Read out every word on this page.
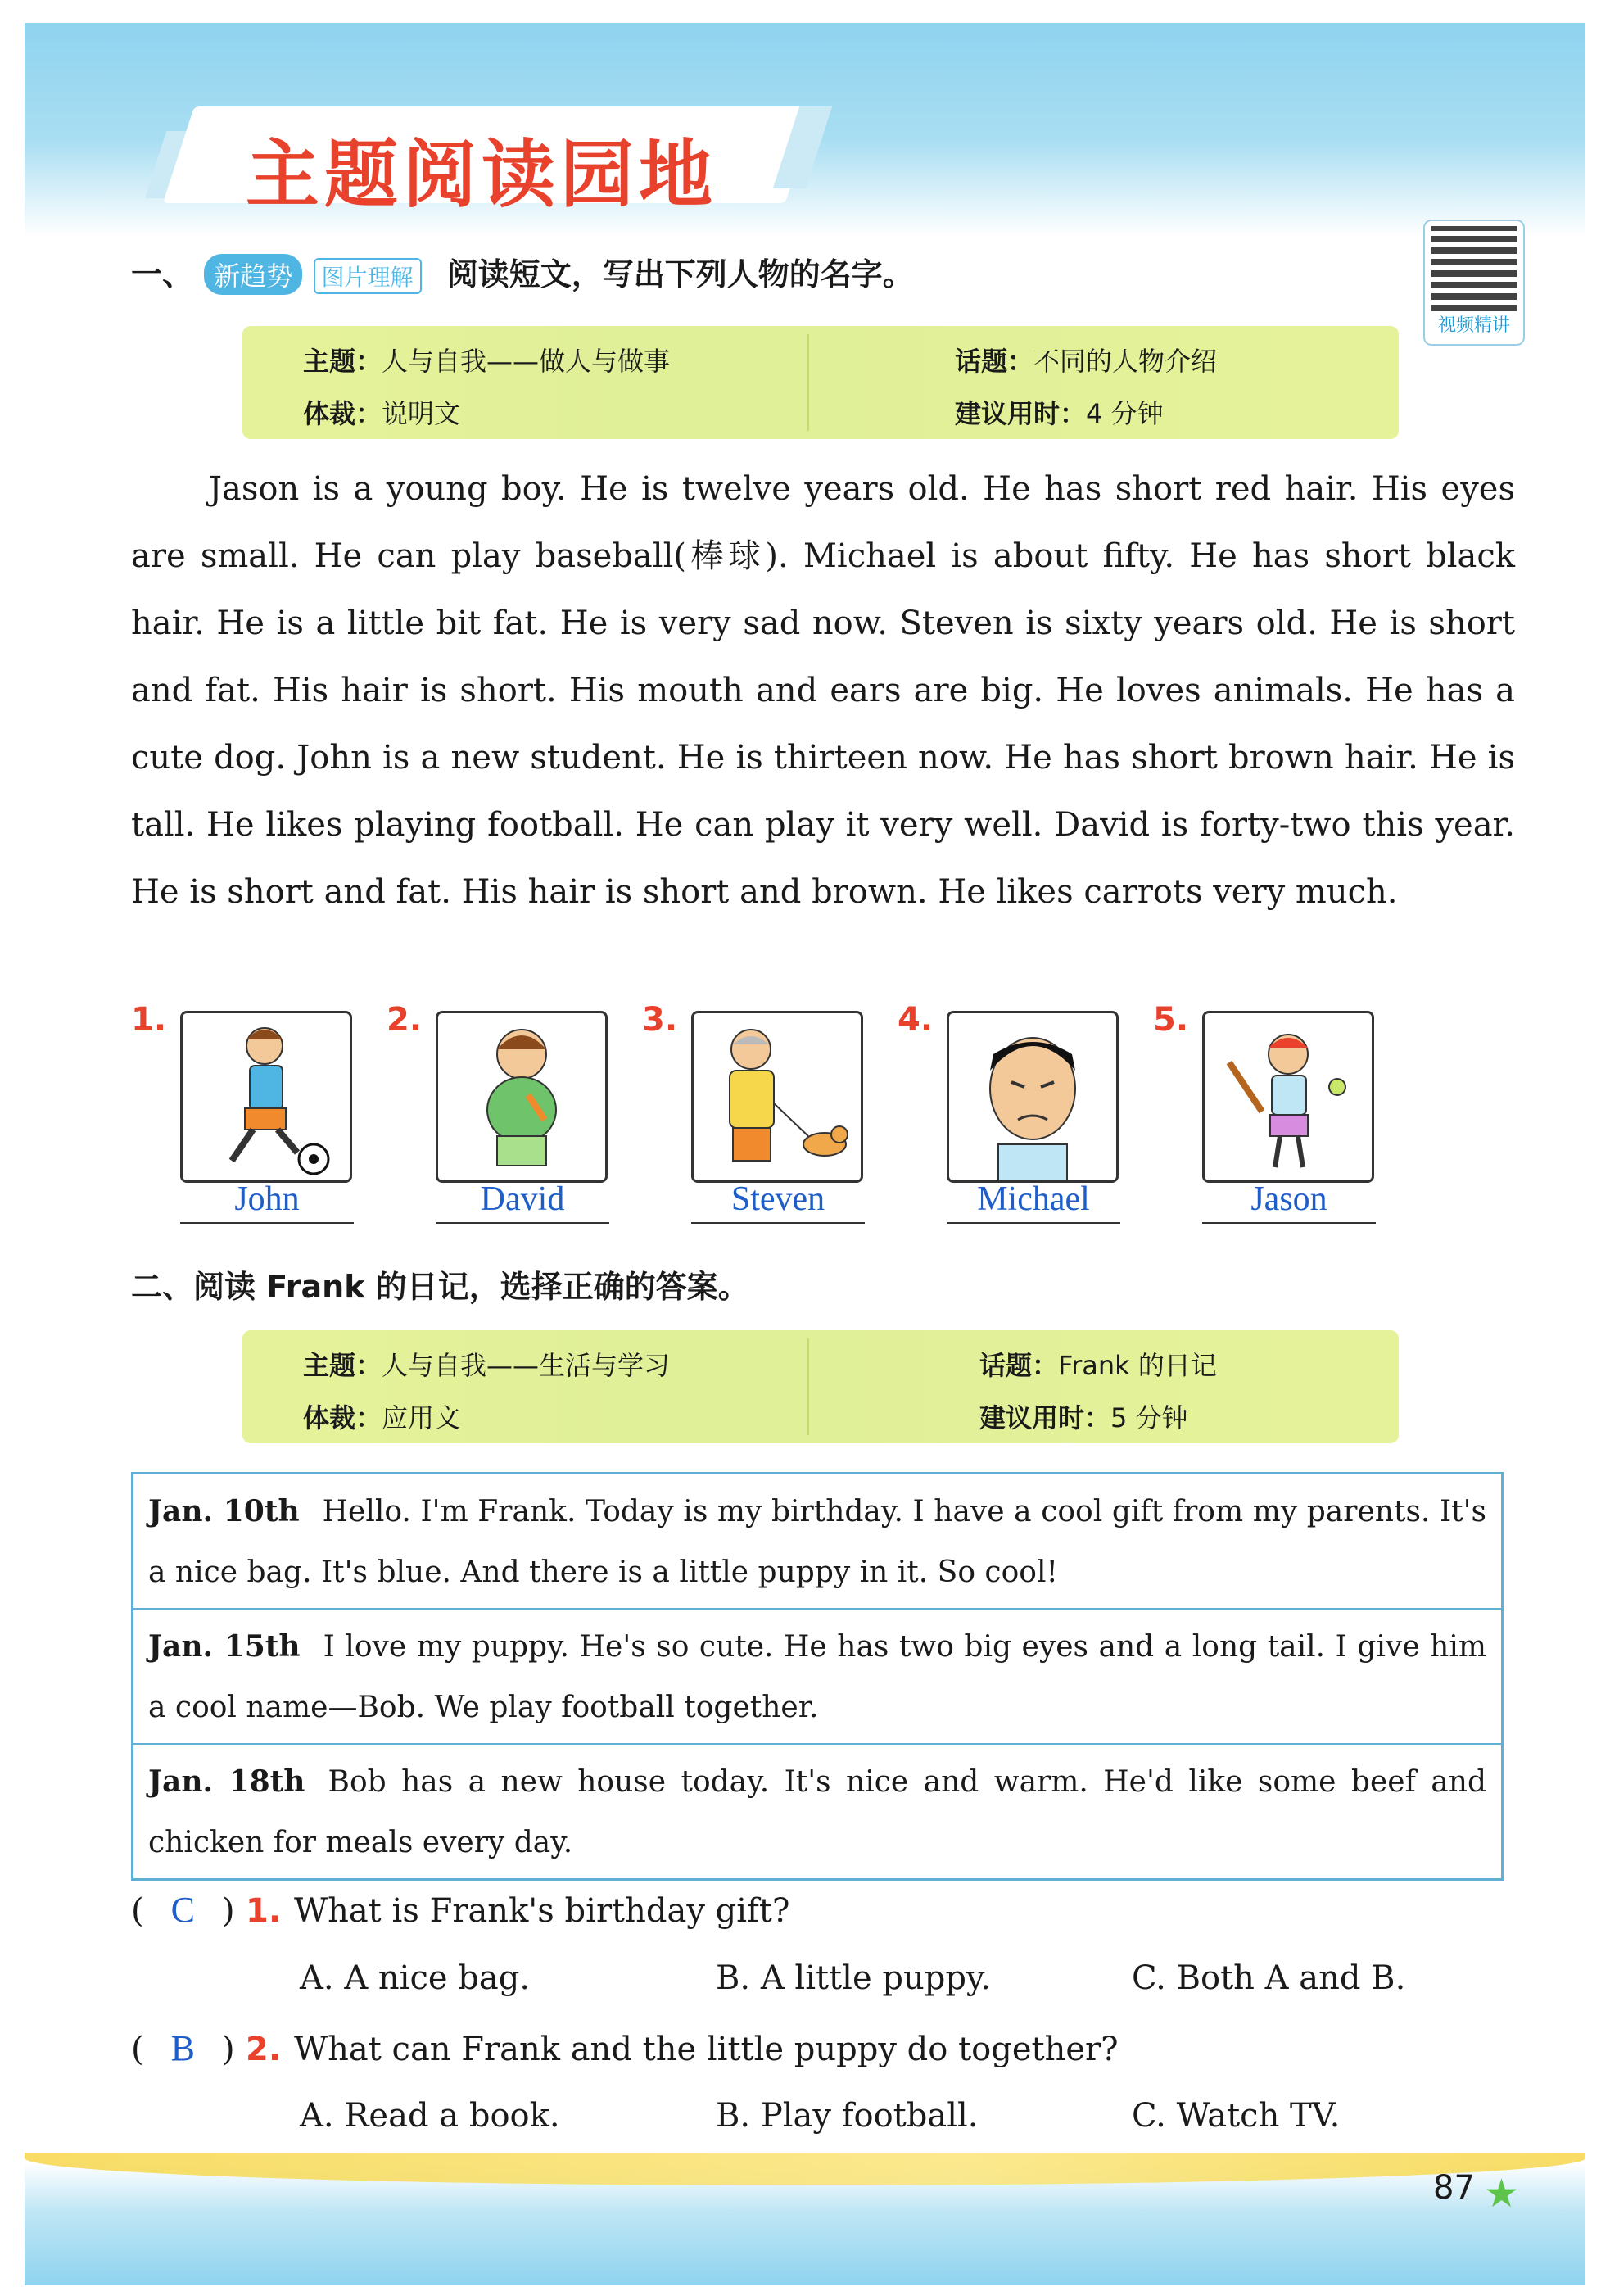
主题阅读园地
视频精讲
一、 新趋势 图片理解 阅读短文，写出下列人物的名字。
主题：人与自我——做人与做事	话题：不同的人物介绍
体裁：说明文	建议用时：4 分钟
Jason is a young boy. He is twelve years old. He has short red hair. His eyes are small. He can play baseball(棒球). Michael is about fifty. He has short black hair. He is a little bit fat. He is very sad now. Steven is sixty years old. He is short and fat. His hair is short. His mouth and ears are big. He loves animals. He has a cute dog. John is a new student. He is thirteen now. He has short brown hair. He is tall. He likes playing football. He can play it very well. David is forty-two this year. He is short and fat. His hair is short and brown. He likes carrots very much.
1.
John
2.
David
3.
Steven
4.
Michael
5.
Jason
二、阅读 Frank 的日记，选择正确的答案。
主题：人与自我——生活与学习	话题：Frank 的日记
体裁：应用文	建议用时：5 分钟
Jan. 10th Hello. I'm Frank. Today is my birthday. I have a cool gift from my parents. It's a nice bag. It's blue. And there is a little puppy in it. So cool!
Jan. 15th I love my puppy. He's so cute. He has two big eyes and a long tail. I give him a cool name—Bob. We play football together.
Jan. 18th Bob has a new house today. It's nice and warm. He'd like some beef and chicken for meals every day.
( C ) 1. What is Frank's birthday gift?
A. A nice bag.	B. A little puppy.	C. Both A and B.
( B ) 2. What can Frank and the little puppy do together?
A. Read a book.	B. Play football.	C. Watch TV.
87 ★
